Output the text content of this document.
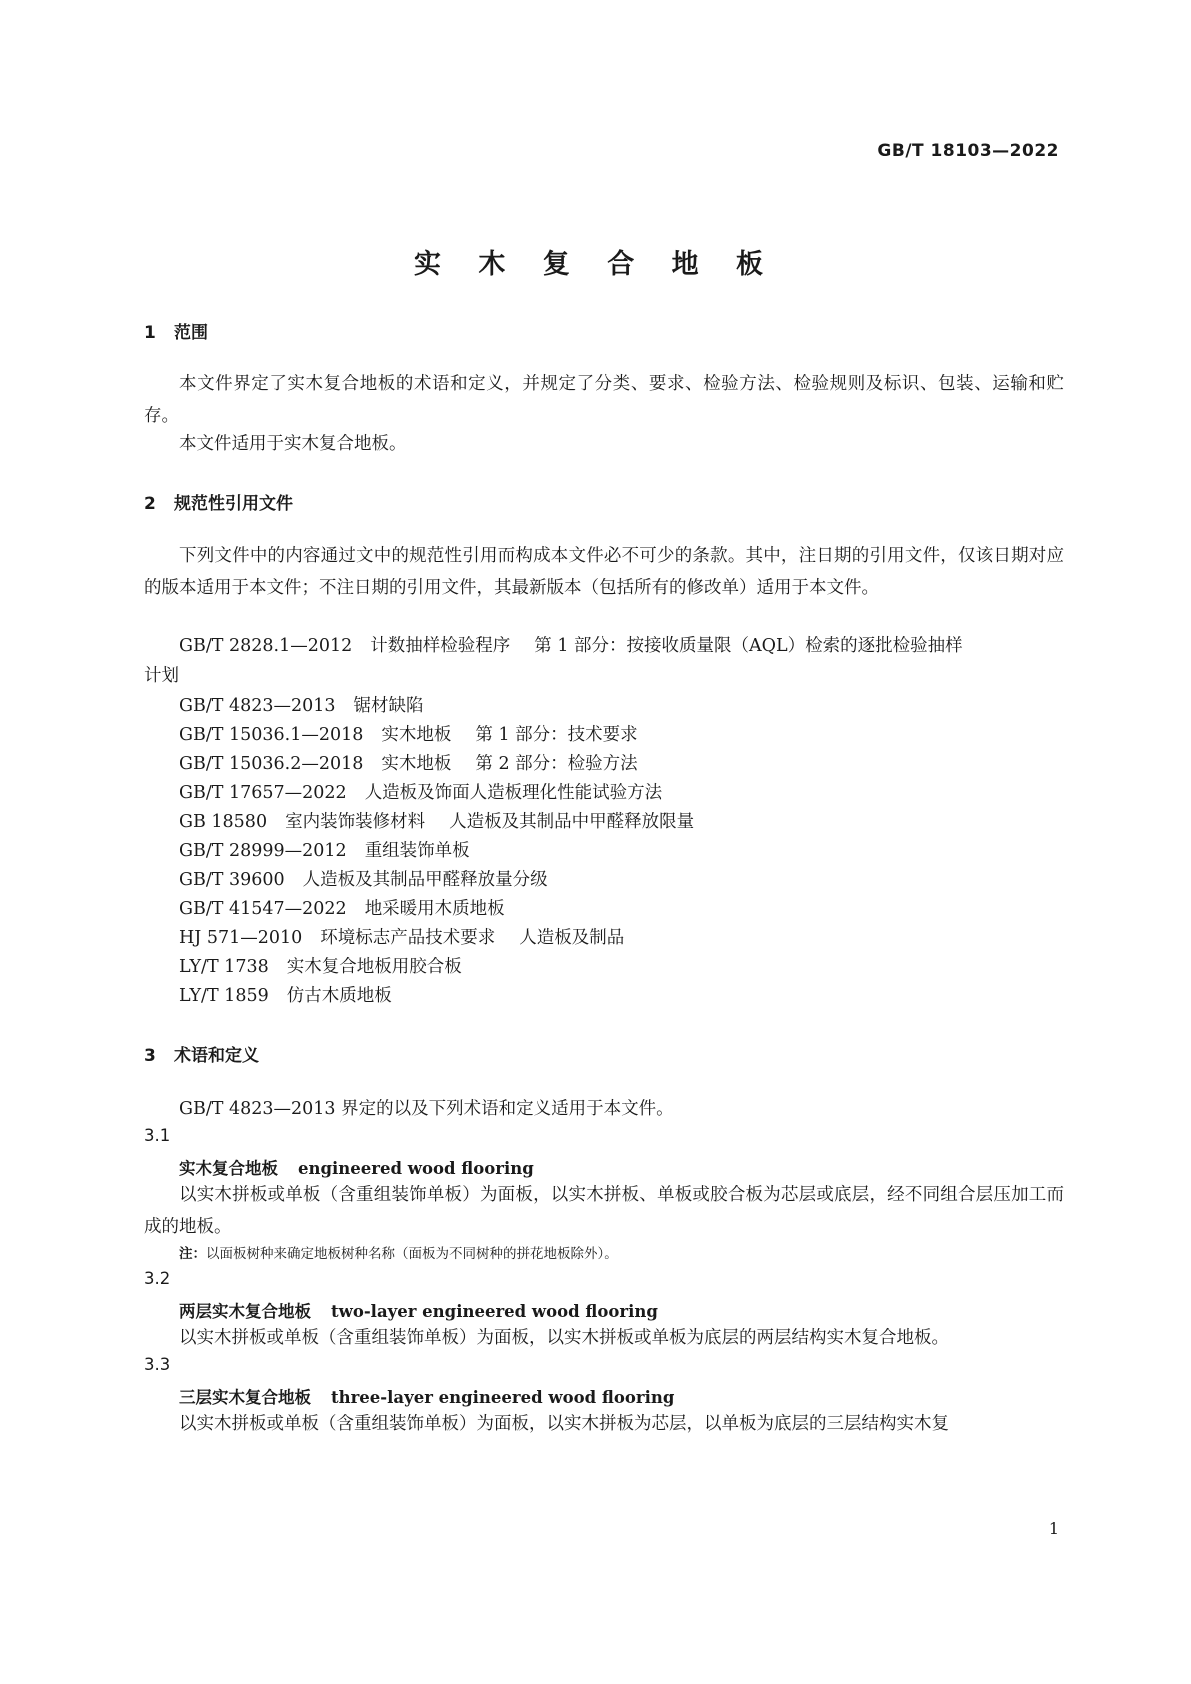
GB/T 18103—2022
实 木 复 合 地 板
1 范围
本文件界定了实木复合地板的术语和定义，并规定了分类、要求、检验方法、检验规则及标识、包装、运输和贮存。
本文件适用于实木复合地板。
2 规范性引用文件
下列文件中的内容通过文中的规范性引用而构成本文件必不可少的条款。其中，注日期的引用文件，仅该日期对应的版本适用于本文件；不注日期的引用文件，其最新版本（包括所有的修改单）适用于本文件。
GB/T 2828.1—2012 计数抽样检验程序 第 1 部分：按接收质量限（AQL）检索的逐批检验抽样
计划
GB/T 4823—2013 锯材缺陷
GB/T 15036.1—2018 实木地板 第 1 部分：技术要求
GB/T 15036.2—2018 实木地板 第 2 部分：检验方法
GB/T 17657—2022 人造板及饰面人造板理化性能试验方法
GB 18580 室内装饰装修材料 人造板及其制品中甲醛释放限量
GB/T 28999—2012 重组装饰单板
GB/T 39600 人造板及其制品甲醛释放量分级
GB/T 41547—2022 地采暖用木质地板
HJ 571—2010 环境标志产品技术要求 人造板及制品
LY/T 1738 实木复合地板用胶合板
LY/T 1859 仿古木质地板
3 术语和定义
GB/T 4823—2013 界定的以及下列术语和定义适用于本文件。
3.1
实木复合地板 engineered wood flooring
以实木拼板或单板（含重组装饰单板）为面板，以实木拼板、单板或胶合板为芯层或底层，经不同组合层压加工而成的地板。
注：以面板树种来确定地板树种名称（面板为不同树种的拼花地板除外）。
3.2
两层实木复合地板 two-layer engineered wood flooring
以实木拼板或单板（含重组装饰单板）为面板，以实木拼板或单板为底层的两层结构实木复合地板。
3.3
三层实木复合地板 three-layer engineered wood flooring
以实木拼板或单板（含重组装饰单板）为面板，以实木拼板为芯层，以单板为底层的三层结构实木复
1
